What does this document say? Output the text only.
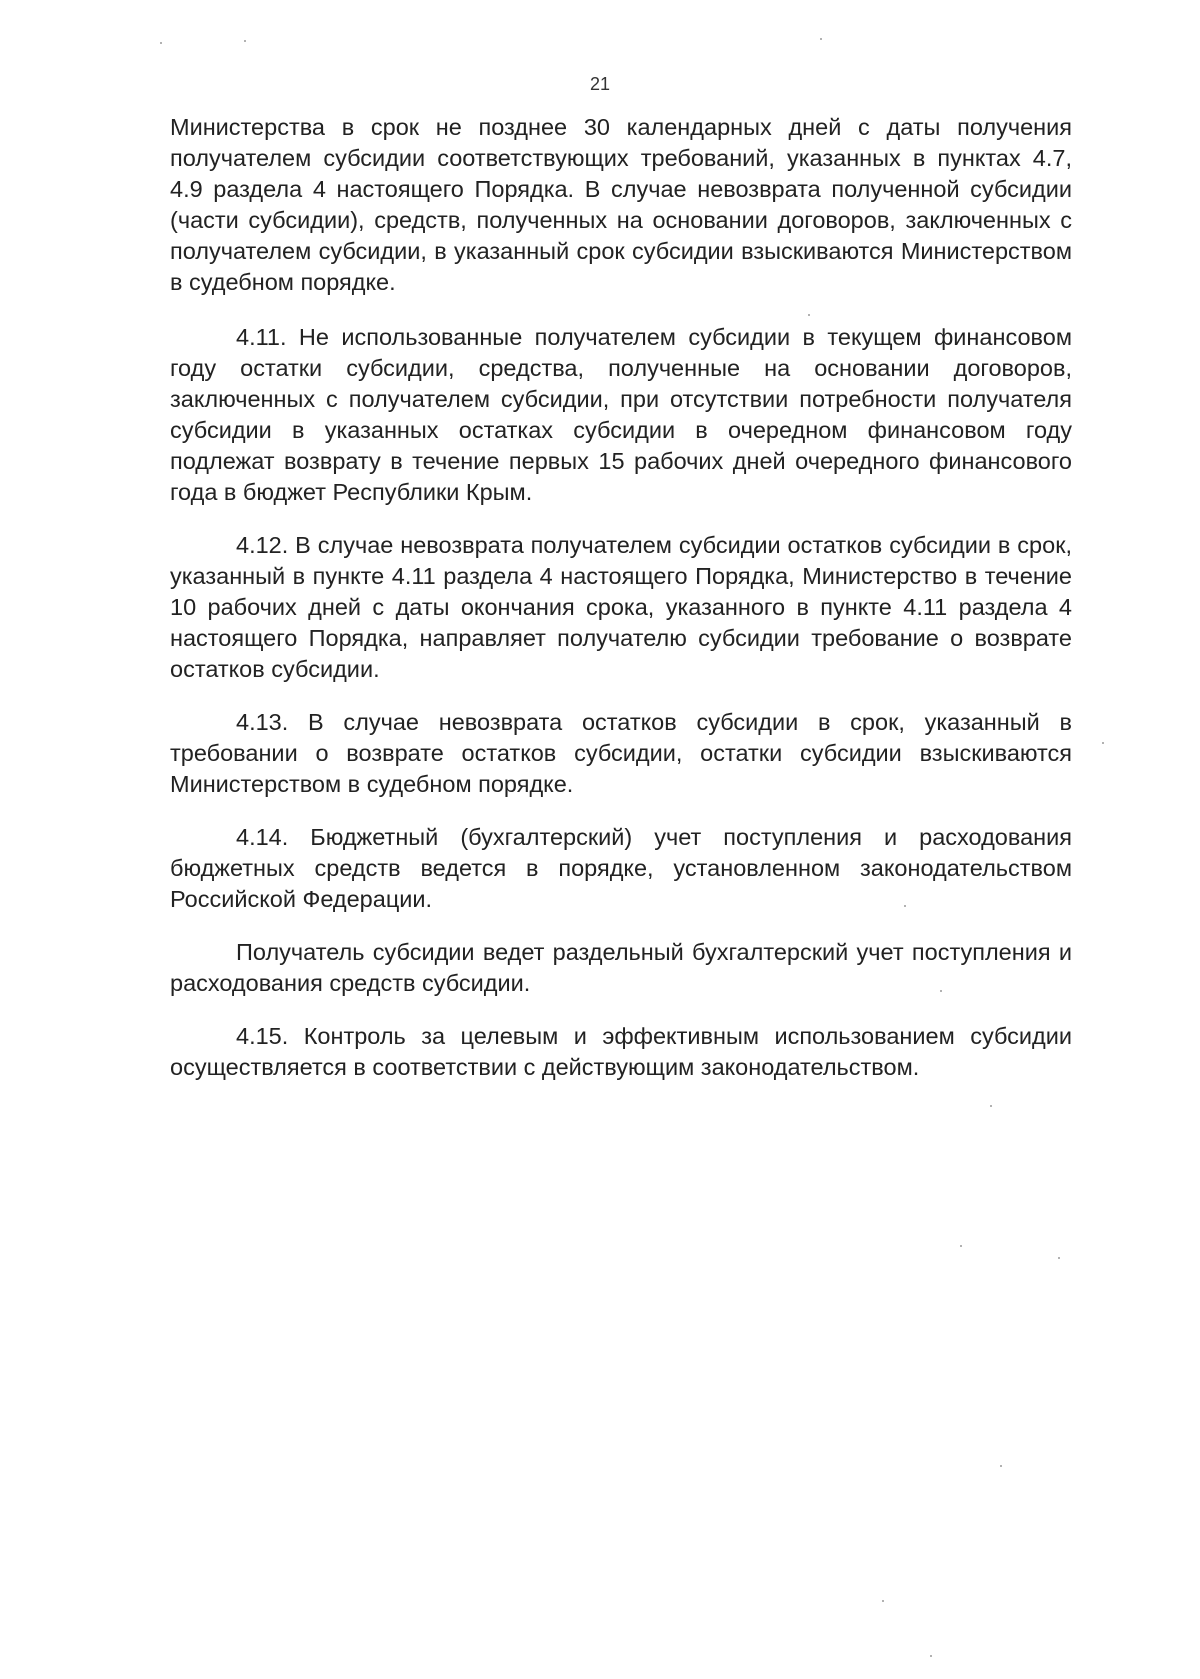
21

Министерства в срок не позднее 30 календарных дней с даты получения получателем субсидии соответствующих требований, указанных в пунктах 4.7, 4.9 раздела 4 настоящего Порядка. В случае невозврата полученной субсидии (части субсидии), средств, полученных на основании договоров, заключенных с получателем субсидии, в указанный срок субсидии взыскиваются Министерством в судебном порядке.

4.11. Не использованные получателем субсидии в текущем финансовом году остатки субсидии, средства, полученные на основании договоров, заключенных с получателем субсидии, при отсутствии потребности получателя субсидии в указанных остатках субсидии в очередном финансовом году подлежат возврату в течение первых 15 рабочих дней очередного финансового года в бюджет Республики Крым.

4.12. В случае невозврата получателем субсидии остатков субсидии в срок, указанный в пункте 4.11 раздела 4 настоящего Порядка, Министерство в течение 10 рабочих дней с даты окончания срока, указанного в пункте 4.11 раздела 4 настоящего Порядка, направляет получателю субсидии требование о возврате остатков субсидии.

4.13. В случае невозврата остатков субсидии в срок, указанный в требовании о возврате остатков субсидии, остатки субсидии взыскиваются Министерством в судебном порядке.

4.14. Бюджетный (бухгалтерский) учет поступления и расходования бюджетных средств ведется в порядке, установленном законодательством Российской Федерации.

Получатель субсидии ведет раздельный бухгалтерский учет поступления и расходования средств субсидии.

4.15. Контроль за целевым и эффективным использованием субсидии осуществляется в соответствии с действующим законодательством.
